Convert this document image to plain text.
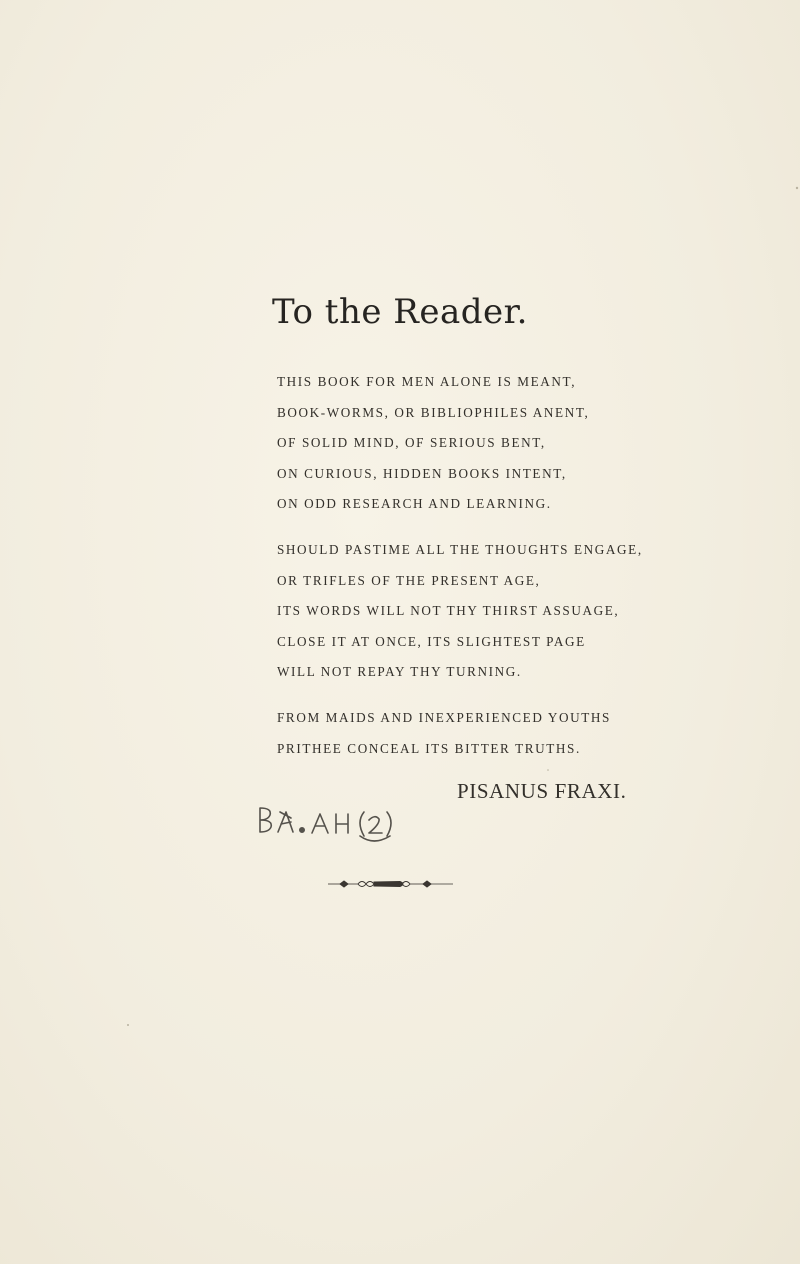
To the Reader.
THIS BOOK FOR MEN ALONE IS MEANT,
BOOK-WORMS, OR BIBLIOPHILES ANENT,
OF SOLID MIND, OF SERIOUS BENT,
ON CURIOUS, HIDDEN BOOKS INTENT,
ON ODD RESEARCH AND LEARNING.
SHOULD PASTIME ALL THE THOUGHTS ENGAGE,
OR TRIFLES OF THE PRESENT AGE,
ITS WORDS WILL NOT THY THIRST ASSUAGE,
CLOSE IT AT ONCE, ITS SLIGHTEST PAGE
WILL NOT REPAY THY TURNING.
FROM MAIDS AND INEXPERIENCED YOUTHS
PRITHEE CONCEAL ITS BITTER TRUTHS.
PISANUS FRAXI.
